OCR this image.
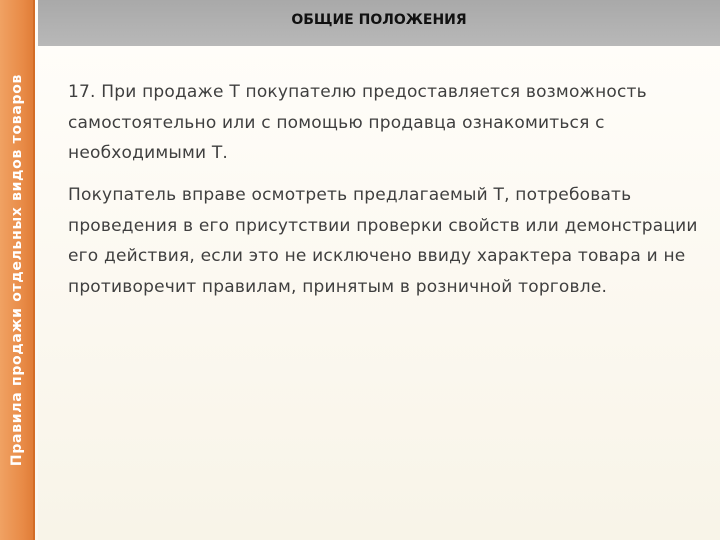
Правила продажи отдельных видов товаров
ОБЩИЕ ПОЛОЖЕНИЯ

17. При продаже Т покупателю предоставляется возможность самостоятельно или с помощью продавца ознакомиться с необходимыми Т.

Покупатель вправе осмотреть предлагаемый Т, потребовать проведения в его присутствии проверки свойств или демонстрации его действия, если это не исключено ввиду характера товара и не противоречит правилам, принятым в розничной торговле.
